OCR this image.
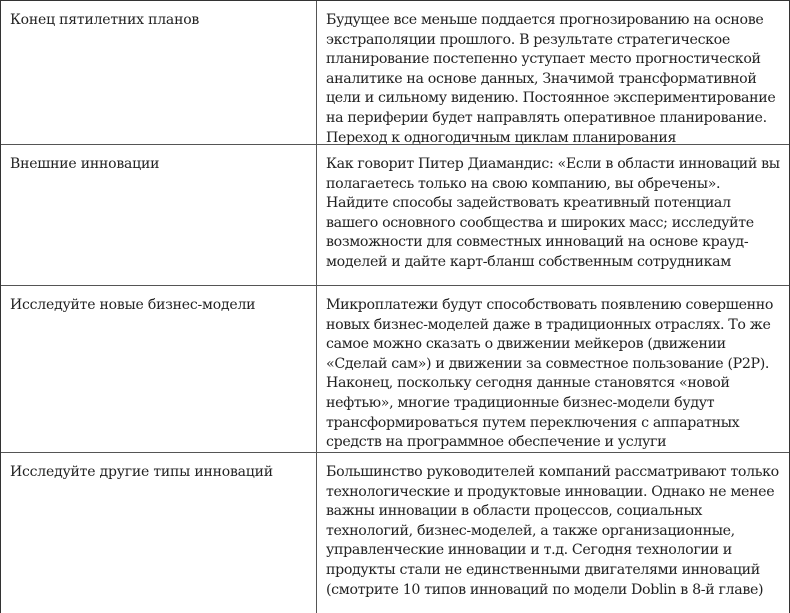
Конец пятилетних планов	Будущее все меньше поддается прогнозированию на основе экстраполяции прошлого. В результате стратегическое планирование постепенно уступает место прогностической аналитике на основе данных, Значимой трансформативной цели и сильному видению. Постоянное экспериментирование на периферии будет направлять оперативное планирование. Переход к одногодичным циклам планирования
Внешние инновации	Как говорит Питер Диамандис: «Если в области инноваций вы полагаетесь только на свою компанию, вы обречены». Найдите способы задействовать креативный потенциал вашего основного сообщества и широких масс; исследуйте возможности для совместных инноваций на основе крауд-моделей и дайте карт-бланш собственным сотрудникам
Исследуйте новые бизнес-модели	Микроплатежи будут способствовать появлению совершенно новых бизнес-моделей даже в традиционных отраслях. То же самое можно сказать о движении мейкеров (движении «Сделай сам») и движении за совместное пользование (P2P). Наконец, поскольку сегодня данные становятся «новой нефтью», многие традиционные бизнес-модели будут трансформироваться путем переключения с аппаратных средств на программное обеспечение и услуги
Исследуйте другие типы инноваций	Большинство руководителей компаний рассматривают только технологические и продуктовые инновации. Однако не менее важны инновации в области процессов, социальных технологий, бизнес-моделей, а также организационные, управленческие инновации и т.д. Сегодня технологии и продукты стали не единственными двигателями инноваций (смотрите 10 типов инноваций по модели Doblin в 8-й главе)
